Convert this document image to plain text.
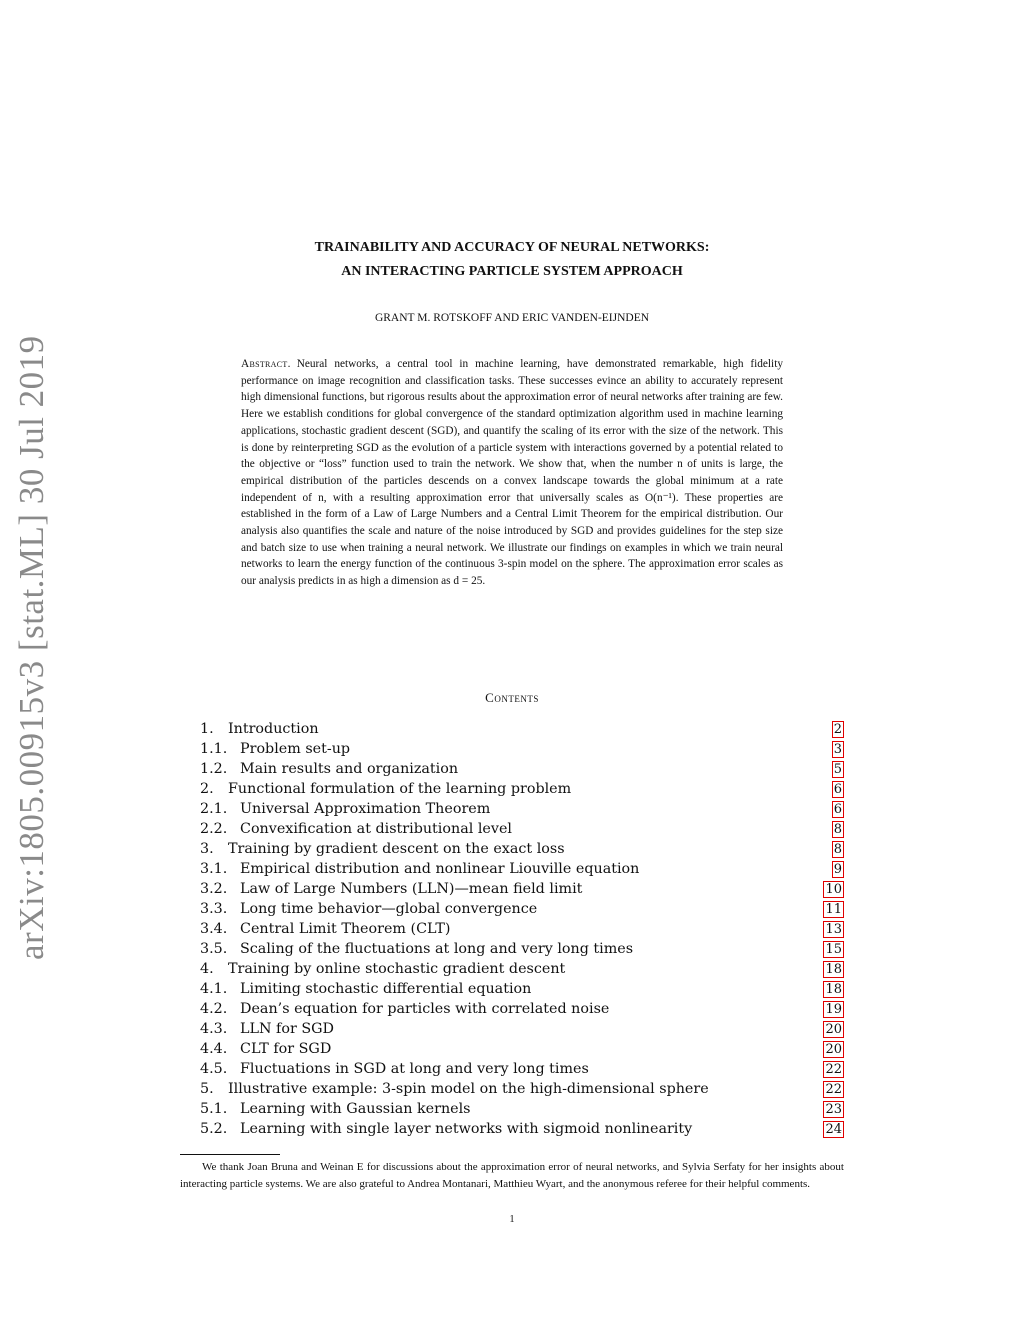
arXiv:1805.00915v3 [stat.ML] 30 Jul 2019
TRAINABILITY AND ACCURACY OF NEURAL NETWORKS:
AN INTERACTING PARTICLE SYSTEM APPROACH
GRANT M. ROTSKOFF AND ERIC VANDEN-EIJNDEN
Abstract. Neural networks, a central tool in machine learning, have demonstrated remarkable, high fidelity performance on image recognition and classification tasks. These successes evince an ability to accurately represent high dimensional functions, but rigorous results about the approximation error of neural networks after training are few. Here we establish conditions for global convergence of the standard optimization algorithm used in machine learning applications, stochastic gradient descent (SGD), and quantify the scaling of its error with the size of the network. This is done by reinterpreting SGD as the evolution of a particle system with interactions governed by a potential related to the objective or “loss” function used to train the network. We show that, when the number n of units is large, the empirical distribution of the particles descends on a convex landscape towards the global minimum at a rate independent of n, with a resulting approximation error that universally scales as O(n⁻¹). These properties are established in the form of a Law of Large Numbers and a Central Limit Theorem for the empirical distribution. Our analysis also quantifies the scale and nature of the noise introduced by SGD and provides guidelines for the step size and batch size to use when training a neural network. We illustrate our findings on examples in which we train neural networks to learn the energy function of the continuous 3-spin model on the sphere. The approximation error scales as our analysis predicts in as high a dimension as d = 25.
Contents
1. Introduction	2
1.1. Problem set-up	3
1.2. Main results and organization	5
2. Functional formulation of the learning problem	6
2.1. Universal Approximation Theorem	6
2.2. Convexification at distributional level	8
3. Training by gradient descent on the exact loss	8
3.1. Empirical distribution and nonlinear Liouville equation	9
3.2. Law of Large Numbers (LLN)—mean field limit	10
3.3. Long time behavior—global convergence	11
3.4. Central Limit Theorem (CLT)	13
3.5. Scaling of the fluctuations at long and very long times	15
4. Training by online stochastic gradient descent	18
4.1. Limiting stochastic differential equation	18
4.2. Dean’s equation for particles with correlated noise	19
4.3. LLN for SGD	20
4.4. CLT for SGD	20
4.5. Fluctuations in SGD at long and very long times	22
5. Illustrative example: 3-spin model on the high-dimensional sphere	22
5.1. Learning with Gaussian kernels	23
5.2. Learning with single layer networks with sigmoid nonlinearity	24
We thank Joan Bruna and Weinan E for discussions about the approximation error of neural networks, and Sylvia Serfaty for her insights about interacting particle systems. We are also grateful to Andrea Montanari, Matthieu Wyart, and the anonymous referee for their helpful comments.
1
